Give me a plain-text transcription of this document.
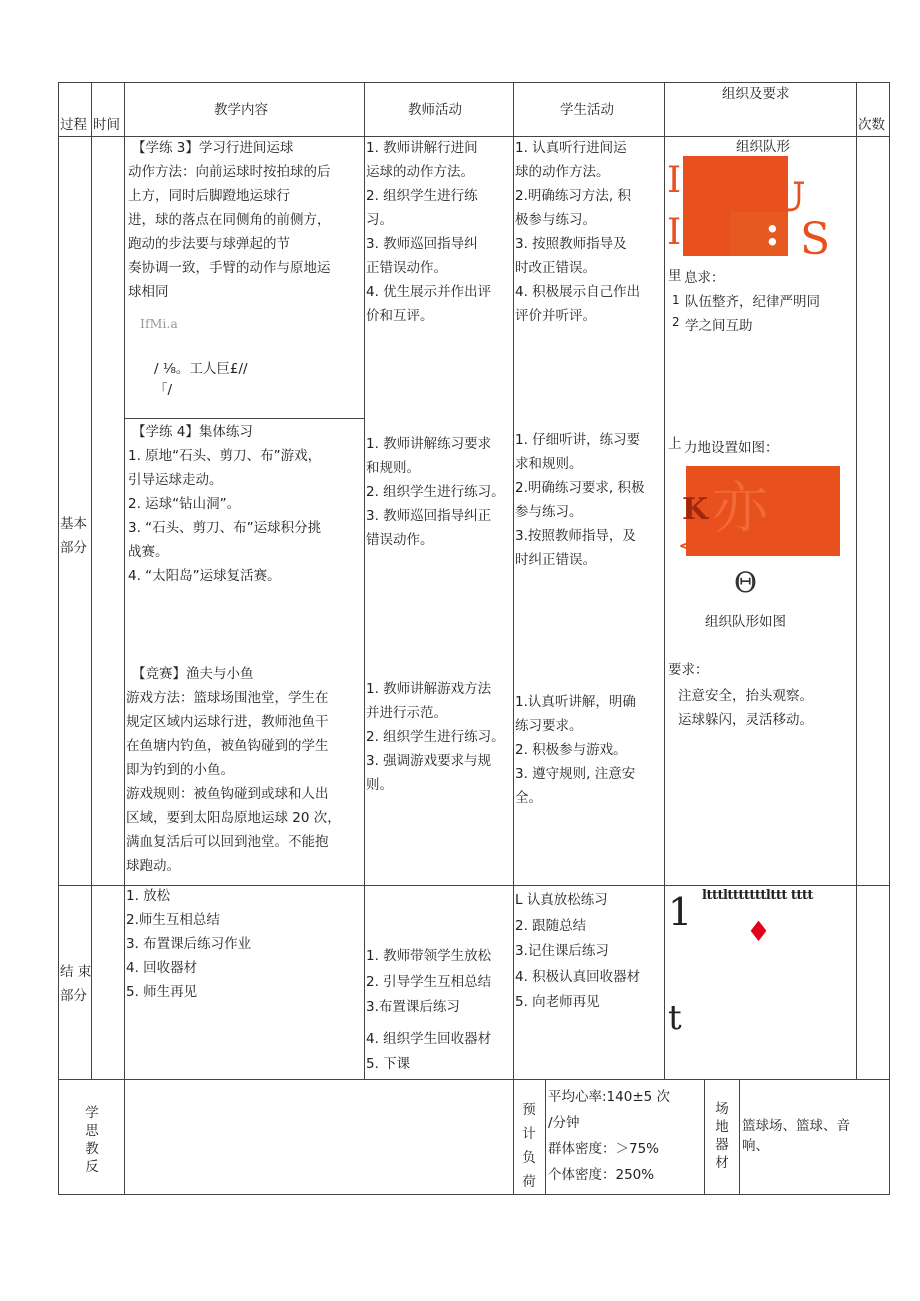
过程 时间
教学内容	教师活动	学生活动
组织及要求
次数
基本
部分
【学练 3】学习行进间运球
动作方法：向前运球时按拍球的后
上方，同时后脚蹬地运球行
进，球的落点在同侧角的前侧方，
跑动的步法要与球弹起的节
奏协调一致，手臂的动作与原地运
球相同
IfMi.a
/ ⅛。工人巨£//
「/
【学练 4】集体练习
1. 原地“石头、剪刀、布”游戏，
引导运球走动。
2. 运球“钻山洞”。
3. “石头、剪刀、布”运球积分挑
战赛。
4. “太阳岛”运球复活赛。
【竞赛】渔夫与小鱼
游戏方法：篮球场围池堂，学生在
规定区域内运球行进，教师池鱼干
在鱼塘内钓鱼，被鱼钩碰到的学生
即为钓到的小鱼。
游戏规则：被鱼钩碰到或球和人出
区域，要到太阳岛原地运球 20 次，
满血复活后可以回到池堂。不能抱
球跑动。
1. 教师讲解行进间
运球的动作方法。
2. 组织学生进行练
习。
3. 教师巡回指导纠
正错误动作。
4. 优生展示并作出评
价和互评。
1. 教师讲解练习要求
和规则。
2. 组织学生进行练习。
3. 教师巡回指导纠正
错误动作。
1. 教师讲解游戏方法
并进行示范。
2. 组织学生进行练习。
3. 强调游戏要求与规
则。
1. 认真听行进间运
球的动作方法。
2.明确练习方法, 积
极参与练习。
3. 按照教师指导及
时改正错误。
4. 积极展示自己作出
评价并听评。
1. 仔细听讲，练习要
求和规则。
2.明确练习要求, 积极
参与练习。
3.按照教师指导，及
时纠正错误。
1.认真听讲解，明确
练习要求。
2. 积极参与游戏。
3. 遵守规则, 注意安
全。
组织队形
I
I
U
: S
里 息求：
1
2
队伍整齐，纪律严明同
学之间互助
上 力地设置如图：
K 亦
<
Θ
组织队形如图
要求：
注意安全，抬头观察。
运球躲闪，灵活移动。
结 束
部分
1. 放松
2.师生互相总结
3. 布置课后练习作业
4. 回收器材
5. 师生再见
1. 教师带领学生放松
2. 引导学生互相总结
3.布置课后练习
4. 组织学生回收器材
5. 下课
L 认真放松练习
2. 跟随总结
3.记住课后练习
4. 积极认真回收器材
5. 向老师再见
1 ltttltttttttlttt tttt
♦
t
学
思
教
反
预
计
负
荷
平均心率:140±5 次
/分钟
群体密度：＞75%
个体密度：250%
场
地
器
材
篮球场、篮球、音
响、
